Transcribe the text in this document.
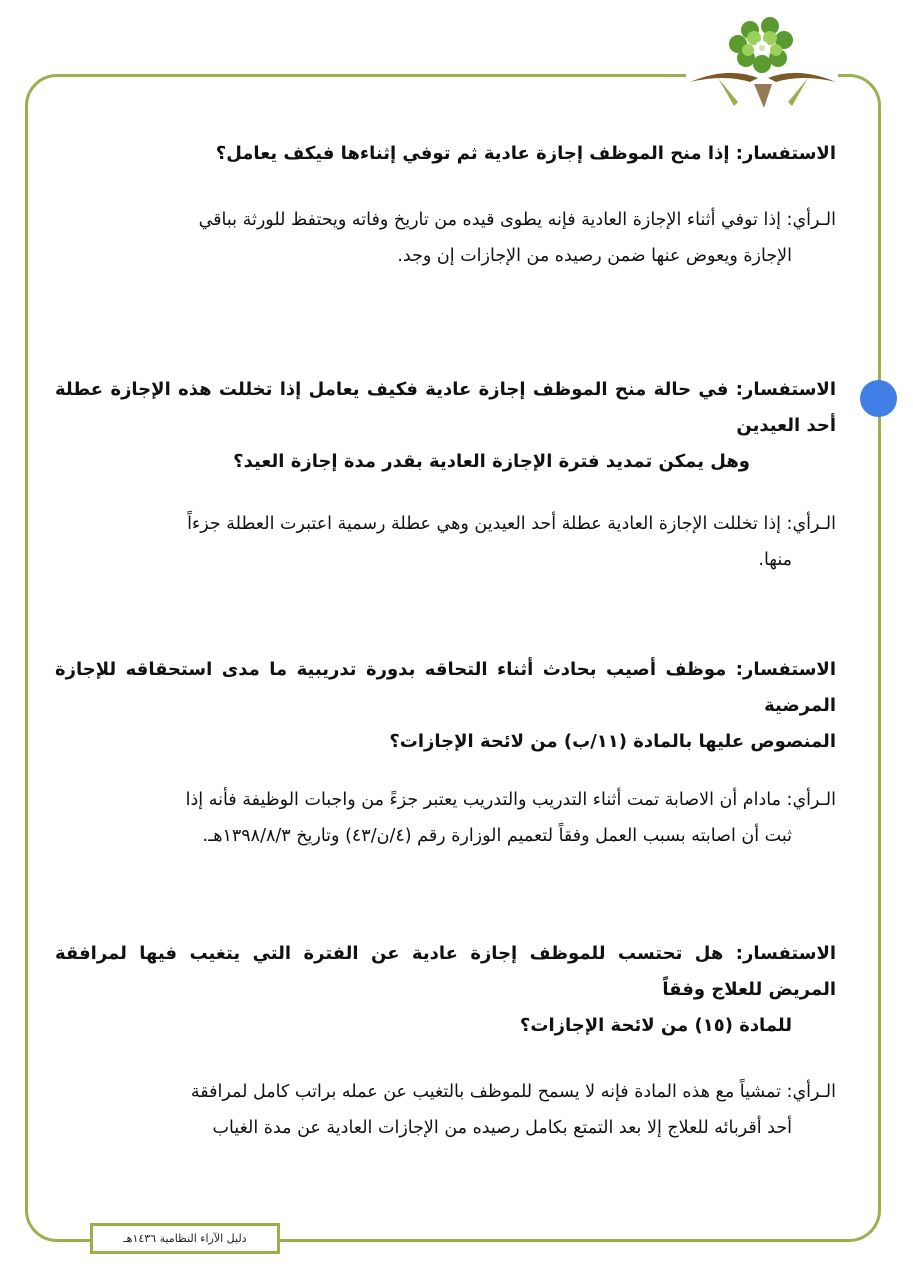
الاستفسار: إذا منح الموظف إجازة عادية ثم توفي إثناءها فيكف يعامل؟
الـرأي: إذا توفي أثناء الإجازة العادية فإنه يطوى قيده من تاريخ وفاته ويحتفظ للورثة بباقي
الإجازة ويعوض عنها ضمن رصيده من الإجازات إن وجد.
الاستفسار: في حالة منح الموظف إجازة عادية فكيف يعامل إذا تخللت هذه الإجازة عطلة أحد العيدين
وهل يمكن تمديد فترة الإجازة العادية بقدر مدة إجازة العيد؟
الـرأي: إذا تخللت الإجازة العادية عطلة أحد العيدين وهي عطلة رسمية اعتبرت العطلة جزءاً
منها.
الاستفسار: موظف أصيب بحادث أثناء التحاقه بدورة تدريبية ما مدى استحقاقه للإجازة المرضية
المنصوص عليها بالمادة (١١/ب) من لائحة الإجازات؟
الـرأي: مادام أن الاصابة تمت أثناء التدريب والتدريب يعتبر جزءً من واجبات الوظيفة فأنه إذا
ثبت أن اصابته بسبب العمل وفقاً لتعميم الوزارة رقم (٤/ن/٤٣) وتاريخ ١٣٩٨/٨/٣هـ.
الاستفسار: هل تحتسب للموظف إجازة عادية عن الفترة التي يتغيب فيها لمرافقة المريض للعلاج وفقاً
للمادة (١٥) من لائحة الإجازات؟
الـرأي: تمشياً مع هذه المادة فإنه لا يسمح للموظف بالتغيب عن عمله براتب كامل لمرافقة
أحد أقربائه للعلاج إلا بعد التمتع بكامل رصيده من الإجازات العادية عن مدة الغياب
دليل الآراء النظامية ١٤٣٦هـ
